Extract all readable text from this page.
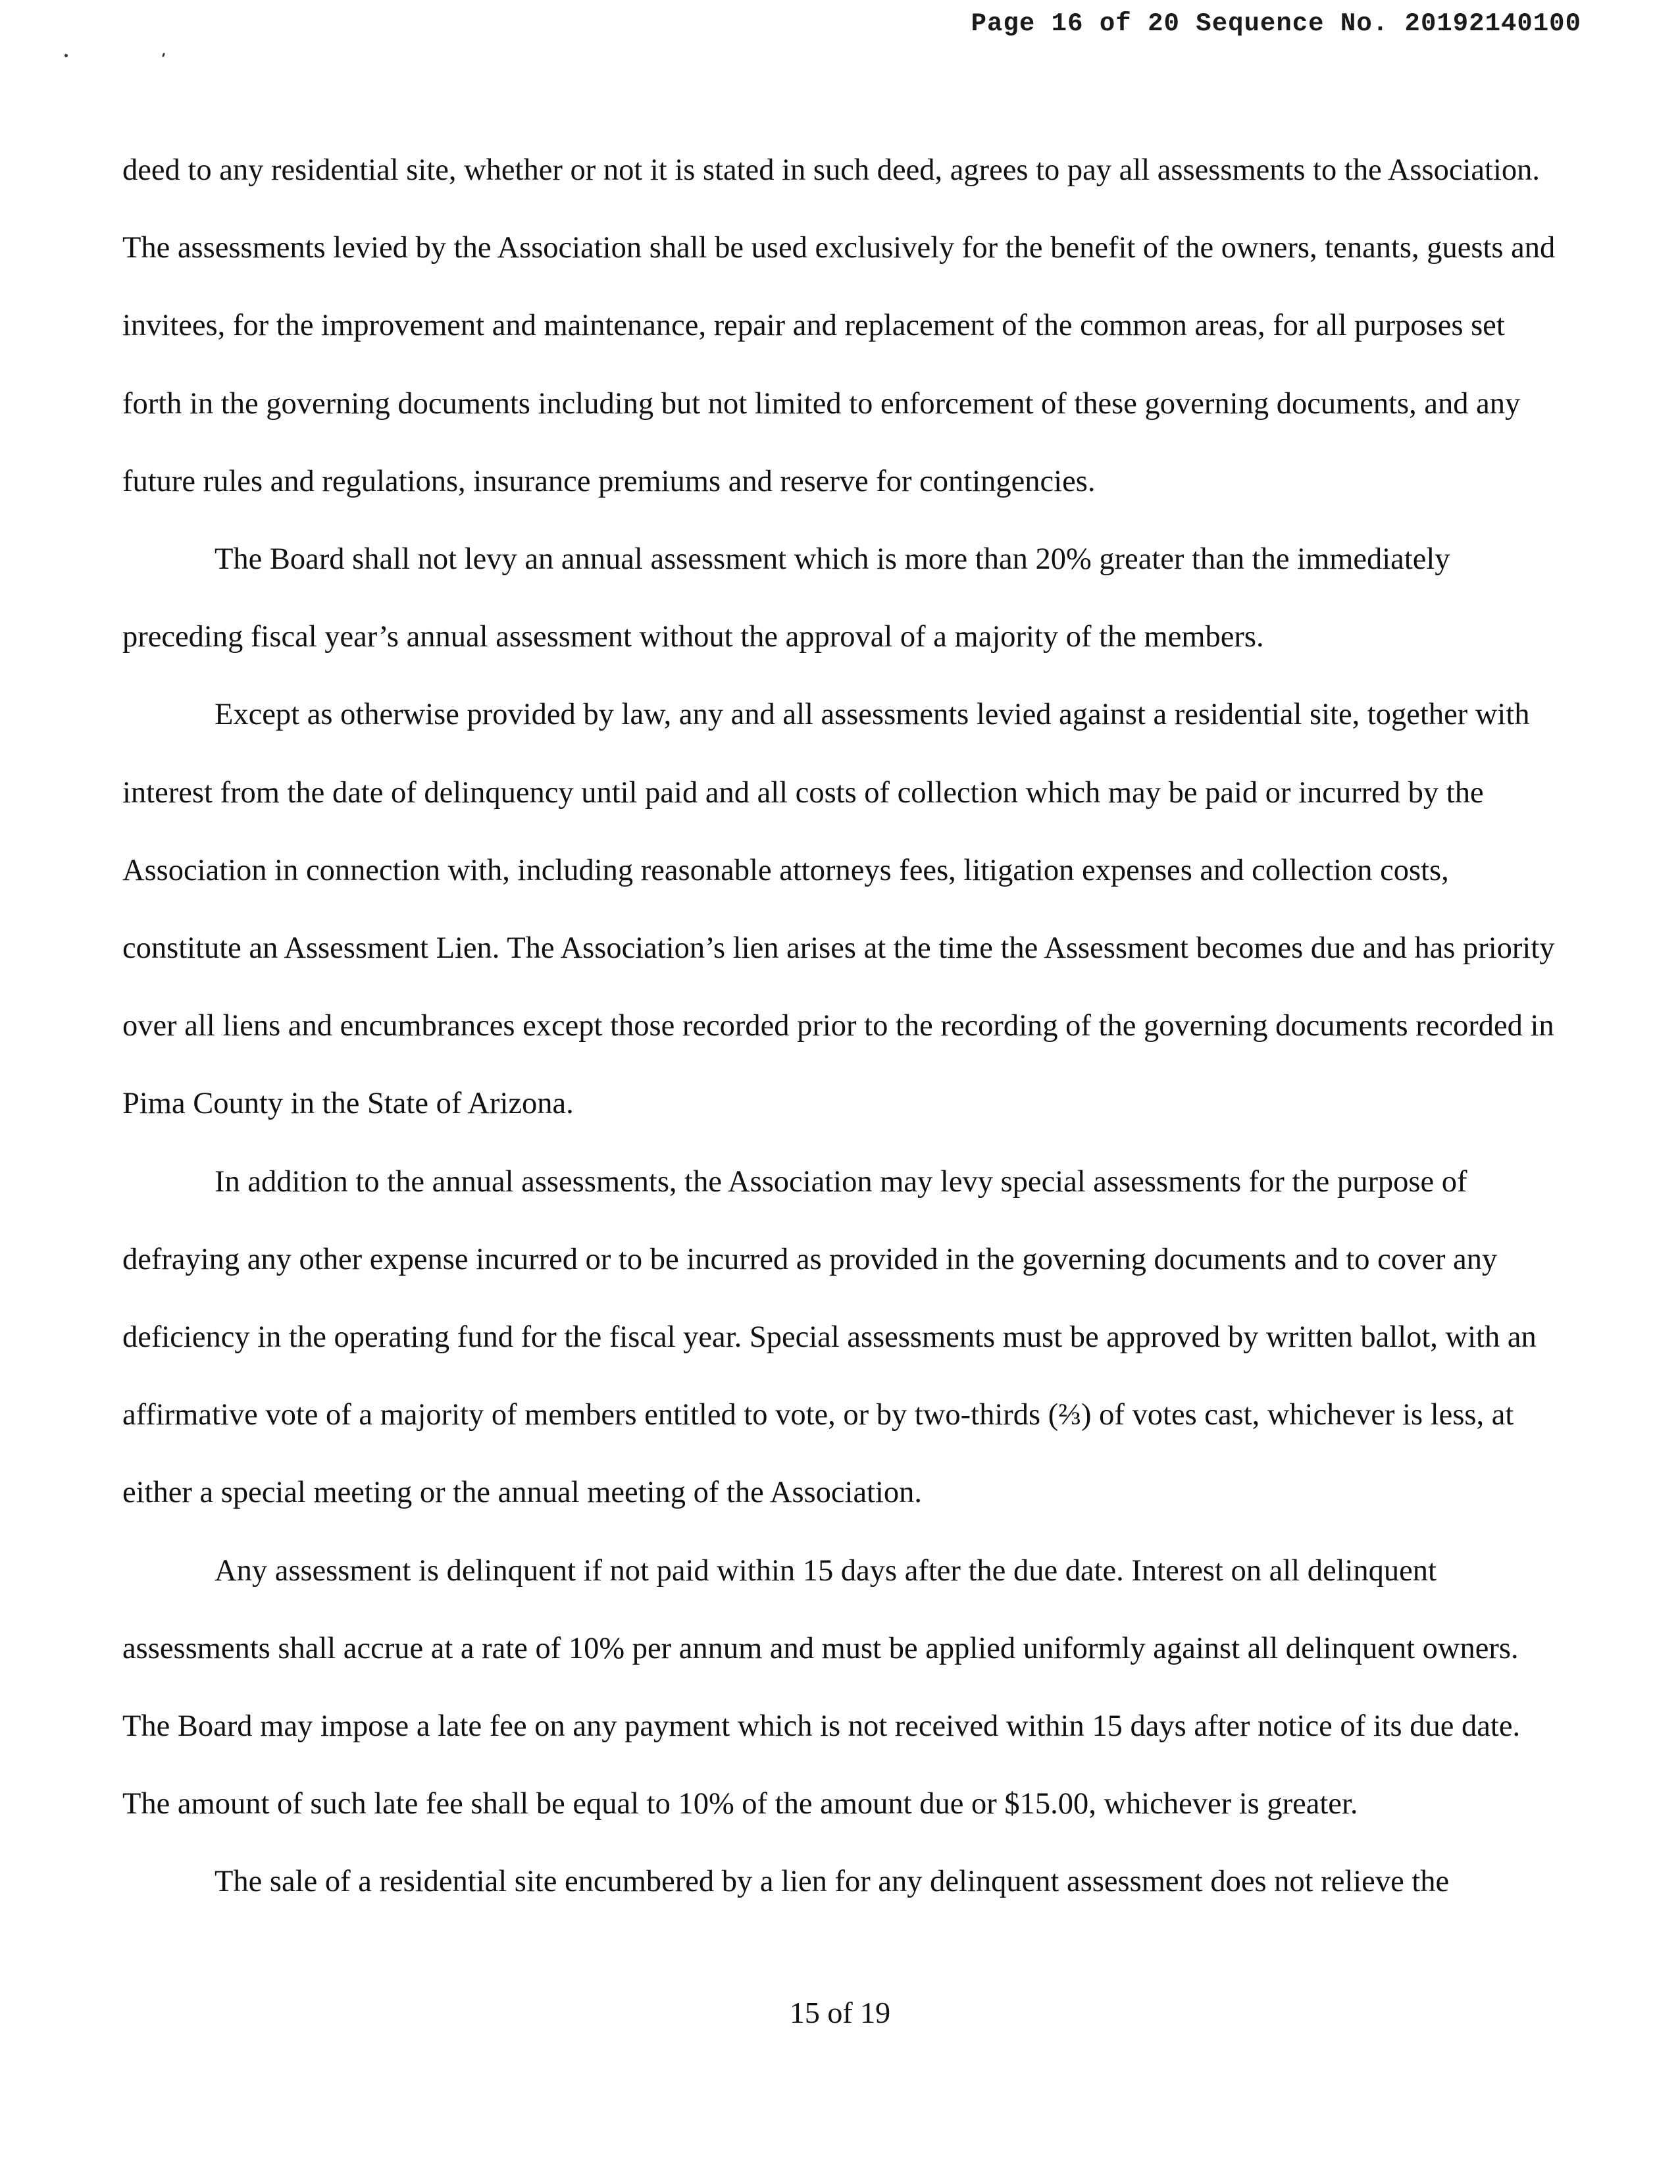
Page 16 of 20 Sequence No. 20192140100

deed to any residential site, whether or not it is stated in such deed, agrees to pay all assessments to the Association. The assessments levied by the Association shall be used exclusively for the benefit of the owners, tenants, guests and invitees, for the improvement and maintenance, repair and replacement of the common areas, for all purposes set forth in the governing documents including but not limited to enforcement of these governing documents, and any future rules and regulations, insurance premiums and reserve for contingencies.

The Board shall not levy an annual assessment which is more than 20% greater than the immediately preceding fiscal year’s annual assessment without the approval of a majority of the members.

Except as otherwise provided by law, any and all assessments levied against a residential site, together with interest from the date of delinquency until paid and all costs of collection which may be paid or incurred by the Association in connection with, including reasonable attorneys fees, litigation expenses and collection costs, constitute an Assessment Lien. The Association’s lien arises at the time the Assessment becomes due and has priority over all liens and encumbrances except those recorded prior to the recording of the governing documents recorded in Pima County in the State of Arizona.

In addition to the annual assessments, the Association may levy special assessments for the purpose of defraying any other expense incurred or to be incurred as provided in the governing documents and to cover any deficiency in the operating fund for the fiscal year. Special assessments must be approved by written ballot, with an affirmative vote of a majority of members entitled to vote, or by two-thirds (⅔) of votes cast, whichever is less, at either a special meeting or the annual meeting of the Association.

Any assessment is delinquent if not paid within 15 days after the due date. Interest on all delinquent assessments shall accrue at a rate of 10% per annum and must be applied uniformly against all delinquent owners. The Board may impose a late fee on any payment which is not received within 15 days after notice of its due date. The amount of such late fee shall be equal to 10% of the amount due or $15.00, whichever is greater.

The sale of a residential site encumbered by a lien for any delinquent assessment does not relieve the

15 of 19
